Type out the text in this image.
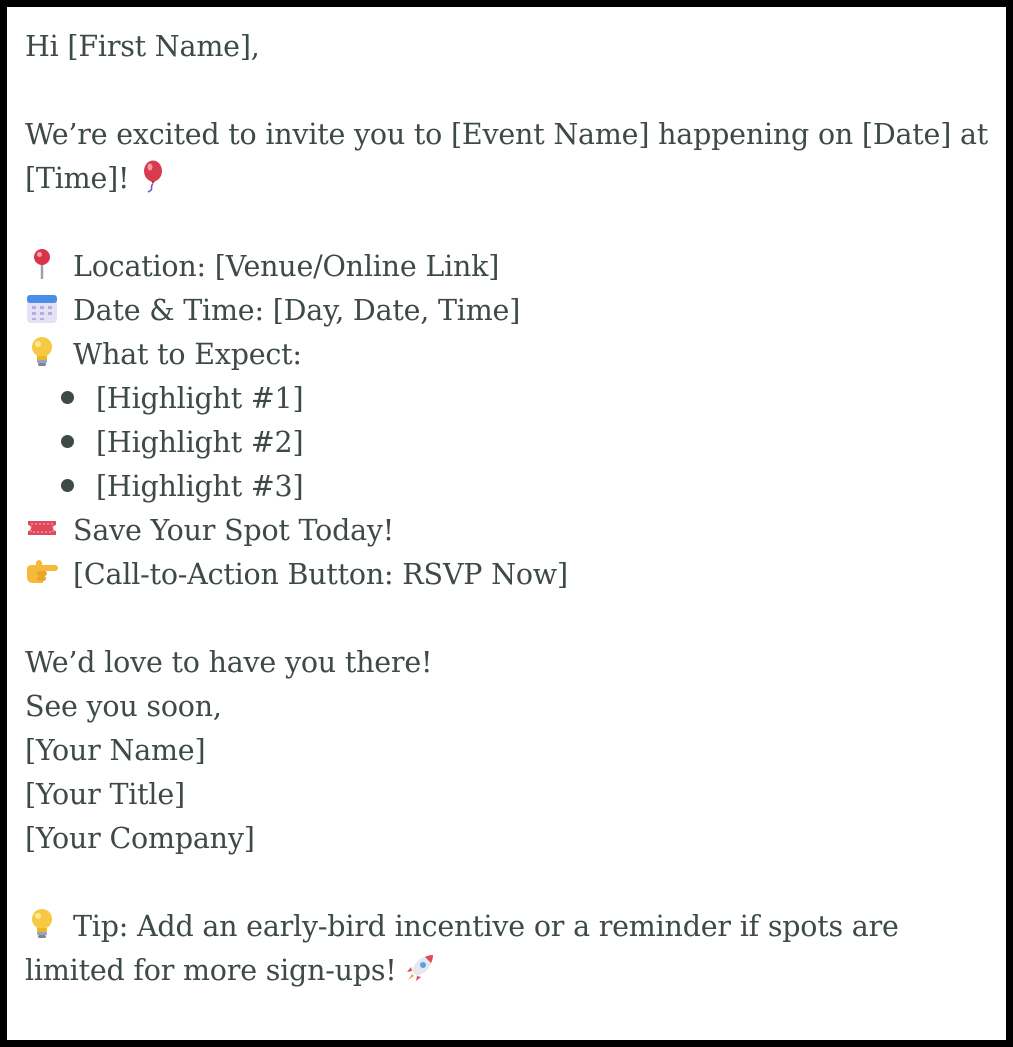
Hi [First Name],
We’re excited to invite you to [Event Name] happening on [Date] at [Time]!
Location: [Venue/Online Link]
Date & Time: [Day, Date, Time]
What to Expect:
[Highlight #1]
[Highlight #2]
[Highlight #3]
Save Your Spot Today!
[Call-to-Action Button: RSVP Now]
We’d love to have you there!
See you soon,
[Your Name]
[Your Title]
[Your Company]
Tip: Add an early-bird incentive or a reminder if spots are limited for more sign-ups!
